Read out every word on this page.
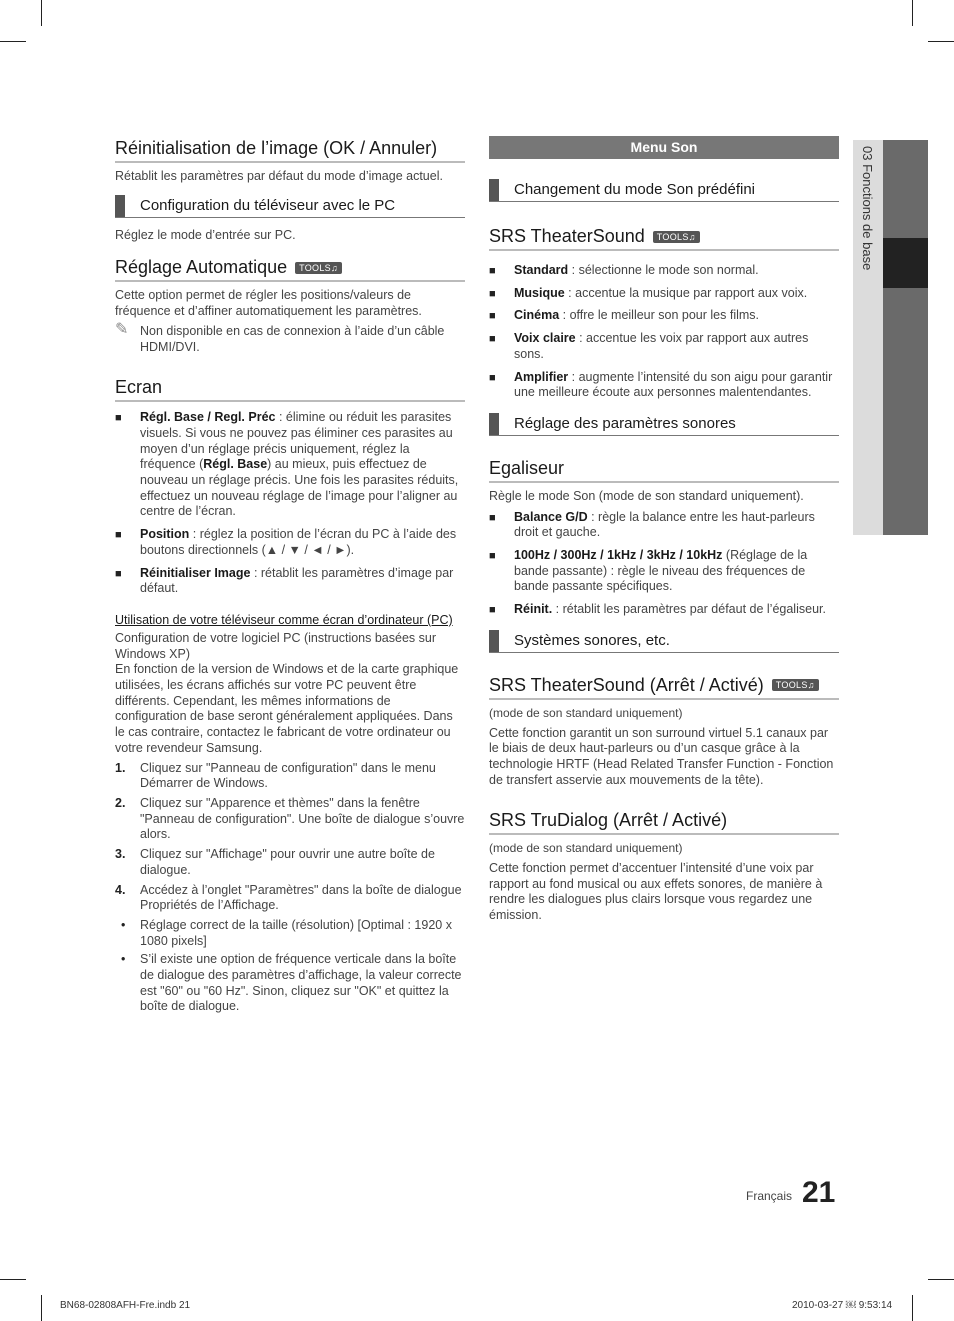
Réinitialisation de l’image (OK / Annuler)

Rétablit les paramètres par défaut du mode d’image actuel.

Configuration du téléviseur avec le PC

Réglez le mode d’entrée sur PC.

Réglage Automatique	TOOLS♫

Cette option permet de régler les positions/valeurs de fréquence et d’affiner automatiquement les paramètres.

✎ Non disponible en cas de connexion à l’aide d’un câble HDMI/DVI.
Ecran
■ Régl. Base / Regl. Préc : élimine ou réduit les parasites visuels. Si vous ne pouvez pas éliminer ces parasites au moyen d’un réglage précis uniquement, réglez la fréquence (Régl. Base) au mieux, puis effectuez de nouveau un réglage précis. Une fois les parasites réduits, effectuez un nouveau réglage de l’image pour l’aligner au centre de l’écran.
■ Position : réglez la position de l’écran du PC à l’aide des boutons directionnels (▲ / ▼ / ◄ / ►).
■ Réinitialiser Image : rétablit les paramètres d’image par défaut.
Utilisation de votre téléviseur comme écran d’ordinateur (PC)

Configuration de votre logiciel PC (instructions basées sur Windows XP)

En fonction de la version de Windows et de la carte graphique utilisées, les écrans affichés sur votre PC peuvent être différents. Cependant, les mêmes informations de configuration de base seront généralement appliquées. Dans le cas contraire, contactez le fabricant de votre ordinateur ou votre revendeur Samsung.

1. Cliquez sur "Panneau de configuration" dans le menu Démarrer de Windows.
2. Cliquez sur "Apparence et thèmes" dans la fenêtre "Panneau de configuration". Une boîte de dialogue s’ouvre alors.
3. Cliquez sur "Affichage" pour ouvrir une autre boîte de dialogue.
4. Accédez à l’onglet "Paramètres" dans la boîte de dialogue Propriétés de l’Affichage.
• Réglage correct de la taille (résolution) [Optimal : 1920 x 1080 pixels]
• S’il existe une option de fréquence verticale dans la boîte de dialogue des paramètres d’affichage, la valeur correcte est "60" ou "60 Hz". Sinon, cliquez sur "OK" et quittez la boîte de dialogue.
Menu Son
Changement du mode Son prédéfini
SRS TheaterSound	TOOLS♫
■ Standard : sélectionne le mode son normal.
■ Musique : accentue la musique par rapport aux voix.
■ Cinéma : offre le meilleur son pour les films.
■ Voix claire : accentue les voix par rapport aux autres sons.
■ Amplifier : augmente l’intensité du son aigu pour garantir une meilleure écoute aux personnes malentendantes.
Réglage des paramètres sonores
Egaliseur

Règle le mode Son (mode de son standard uniquement).

■ Balance G/D : règle la balance entre les haut-parleurs droit et gauche.
■ 100Hz / 300Hz / 1kHz / 3kHz / 10kHz (Réglage de la bande passante) : règle le niveau des fréquences de bande passante spécifiques.
■ Réinit. : rétablit les paramètres par défaut de l’égaliseur.
Systèmes sonores, etc.
SRS TheaterSound (Arrêt / Activé)	TOOLS♫

(mode de son standard uniquement)

Cette fonction garantit un son surround virtuel 5.1 canaux par le biais de deux haut-parleurs ou d’un casque grâce à la technologie HRTF (Head Related Transfer Function - Fonction de transfert asservie aux mouvements de la tête).

SRS TruDialog (Arrêt / Activé)

(mode de son standard uniquement)

Cette fonction permet d’accentuer l’intensité d’une voix par rapport au fond musical ou aux effets sonores, de manière à rendre les dialogues plus clairs lorsque vous regardez une émission.

03 Fonctions de base
Français 21
BN68-02808AFH-Fre.indb 21	2010-03-27 ￼ 9:53:14
